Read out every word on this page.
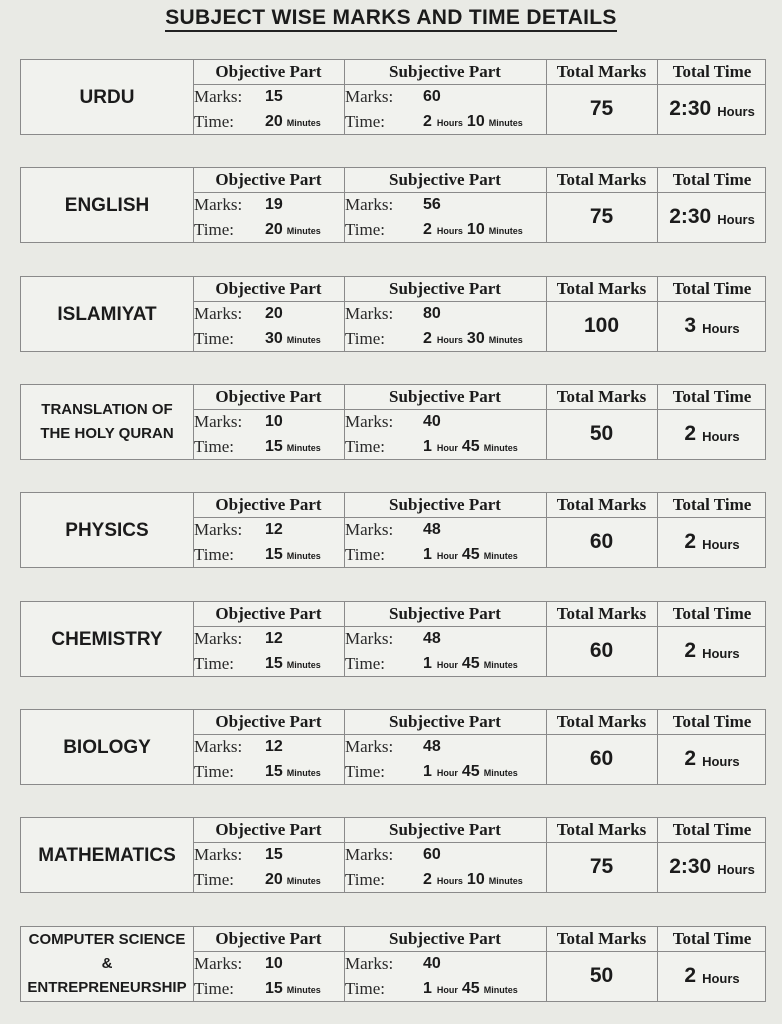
SUBJECT WISE MARKS AND TIME DETAILS
URDU
Objective Part	Subjective Part	Total Marks	Total Time
Marks: 15
Time: 20 Minutes
Marks: 60
Time: 2 Hours 10 Minutes
75	2:30 Hours
ENGLISH
Objective Part	Subjective Part	Total Marks	Total Time
Marks: 19
Time: 20 Minutes
Marks: 56
Time: 2 Hours 10 Minutes
75	2:30 Hours
ISLAMIYAT
Objective Part	Subjective Part	Total Marks	Total Time
Marks: 20
Time: 30 Minutes
Marks: 80
Time: 2 Hours 30 Minutes
100	3 Hours
TRANSLATION OF
THE HOLY QURAN
Objective Part	Subjective Part	Total Marks	Total Time
Marks: 10
Time: 15 Minutes
Marks: 40
Time: 1 Hour 45 Minutes
50	2 Hours
PHYSICS
Objective Part	Subjective Part	Total Marks	Total Time
Marks: 12
Time: 15 Minutes
Marks: 48
Time: 1 Hour 45 Minutes
60	2 Hours
CHEMISTRY
Objective Part	Subjective Part	Total Marks	Total Time
Marks: 12
Time: 15 Minutes
Marks: 48
Time: 1 Hour 45 Minutes
60	2 Hours
BIOLOGY
Objective Part	Subjective Part	Total Marks	Total Time
Marks: 12
Time: 15 Minutes
Marks: 48
Time: 1 Hour 45 Minutes
60	2 Hours
MATHEMATICS
Objective Part	Subjective Part	Total Marks	Total Time
Marks: 15
Time: 20 Minutes
Marks: 60
Time: 2 Hours 10 Minutes
75	2:30 Hours
COMPUTER SCIENCE
&
ENTREPRENEURSHIP
Objective Part	Subjective Part	Total Marks	Total Time
Marks: 10
Time: 15 Minutes
Marks: 40
Time: 1 Hour 45 Minutes
50	2 Hours
